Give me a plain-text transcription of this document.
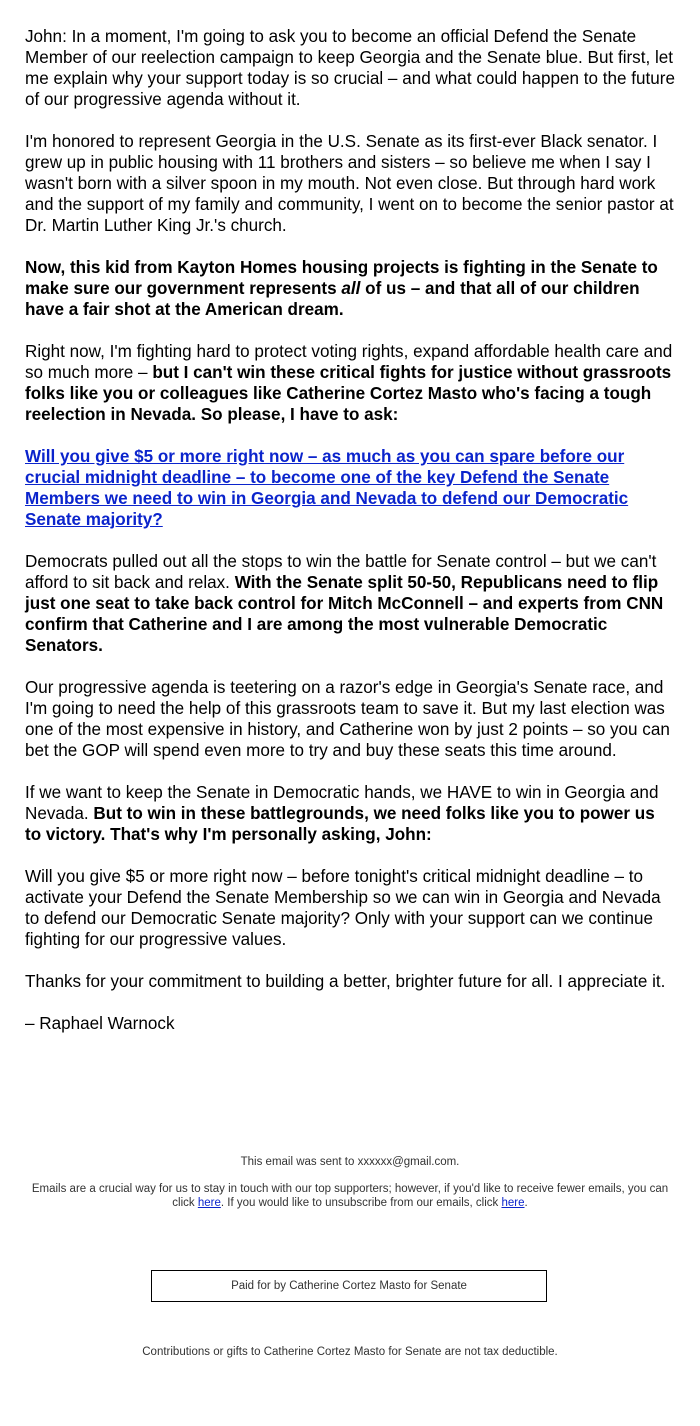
John: In a moment, I'm going to ask you to become an official Defend the Senate Member of our reelection campaign to keep Georgia and the Senate blue. But first, let me explain why your support today is so crucial – and what could happen to the future of our progressive agenda without it.

I'm honored to represent Georgia in the U.S. Senate as its first-ever Black senator. I grew up in public housing with 11 brothers and sisters – so believe me when I say I wasn't born with a silver spoon in my mouth. Not even close. But through hard work and the support of my family and community, I went on to become the senior pastor at Dr. Martin Luther King Jr.'s church.

Now, this kid from Kayton Homes housing projects is fighting in the Senate to make sure our government represents all of us – and that all of our children have a fair shot at the American dream.

Right now, I'm fighting hard to protect voting rights, expand affordable health care and so much more – but I can't win these critical fights for justice without grassroots folks like you or colleagues like Catherine Cortez Masto who's facing a tough reelection in Nevada. So please, I have to ask:

Will you give $5 or more right now – as much as you can spare before our crucial midnight deadline – to become one of the key Defend the Senate Members we need to win in Georgia and Nevada to defend our Democratic Senate majority?

Democrats pulled out all the stops to win the battle for Senate control – but we can't afford to sit back and relax. With the Senate split 50-50, Republicans need to flip just one seat to take back control for Mitch McConnell – and experts from CNN confirm that Catherine and I are among the most vulnerable Democratic Senators.

Our progressive agenda is teetering on a razor's edge in Georgia's Senate race, and I'm going to need the help of this grassroots team to save it. But my last election was one of the most expensive in history, and Catherine won by just 2 points – so you can bet the GOP will spend even more to try and buy these seats this time around.

If we want to keep the Senate in Democratic hands, we HAVE to win in Georgia and Nevada. But to win in these battlegrounds, we need folks like you to power us to victory. That's why I'm personally asking, John:

Will you give $5 or more right now – before tonight's critical midnight deadline – to activate your Defend the Senate Membership so we can win in Georgia and Nevada to defend our Democratic Senate majority? Only with your support can we continue fighting for our progressive values.

Thanks for your commitment to building a better, brighter future for all. I appreciate it.

– Raphael Warnock

This email was sent to xxxxxx@gmail.com.

Emails are a crucial way for us to stay in touch with our top supporters; however, if you'd like to receive fewer emails, you can click here. If you would like to unsubscribe from our emails, click here.

Paid for by Catherine Cortez Masto for Senate
Contributions or gifts to Catherine Cortez Masto for Senate are not tax deductible.
